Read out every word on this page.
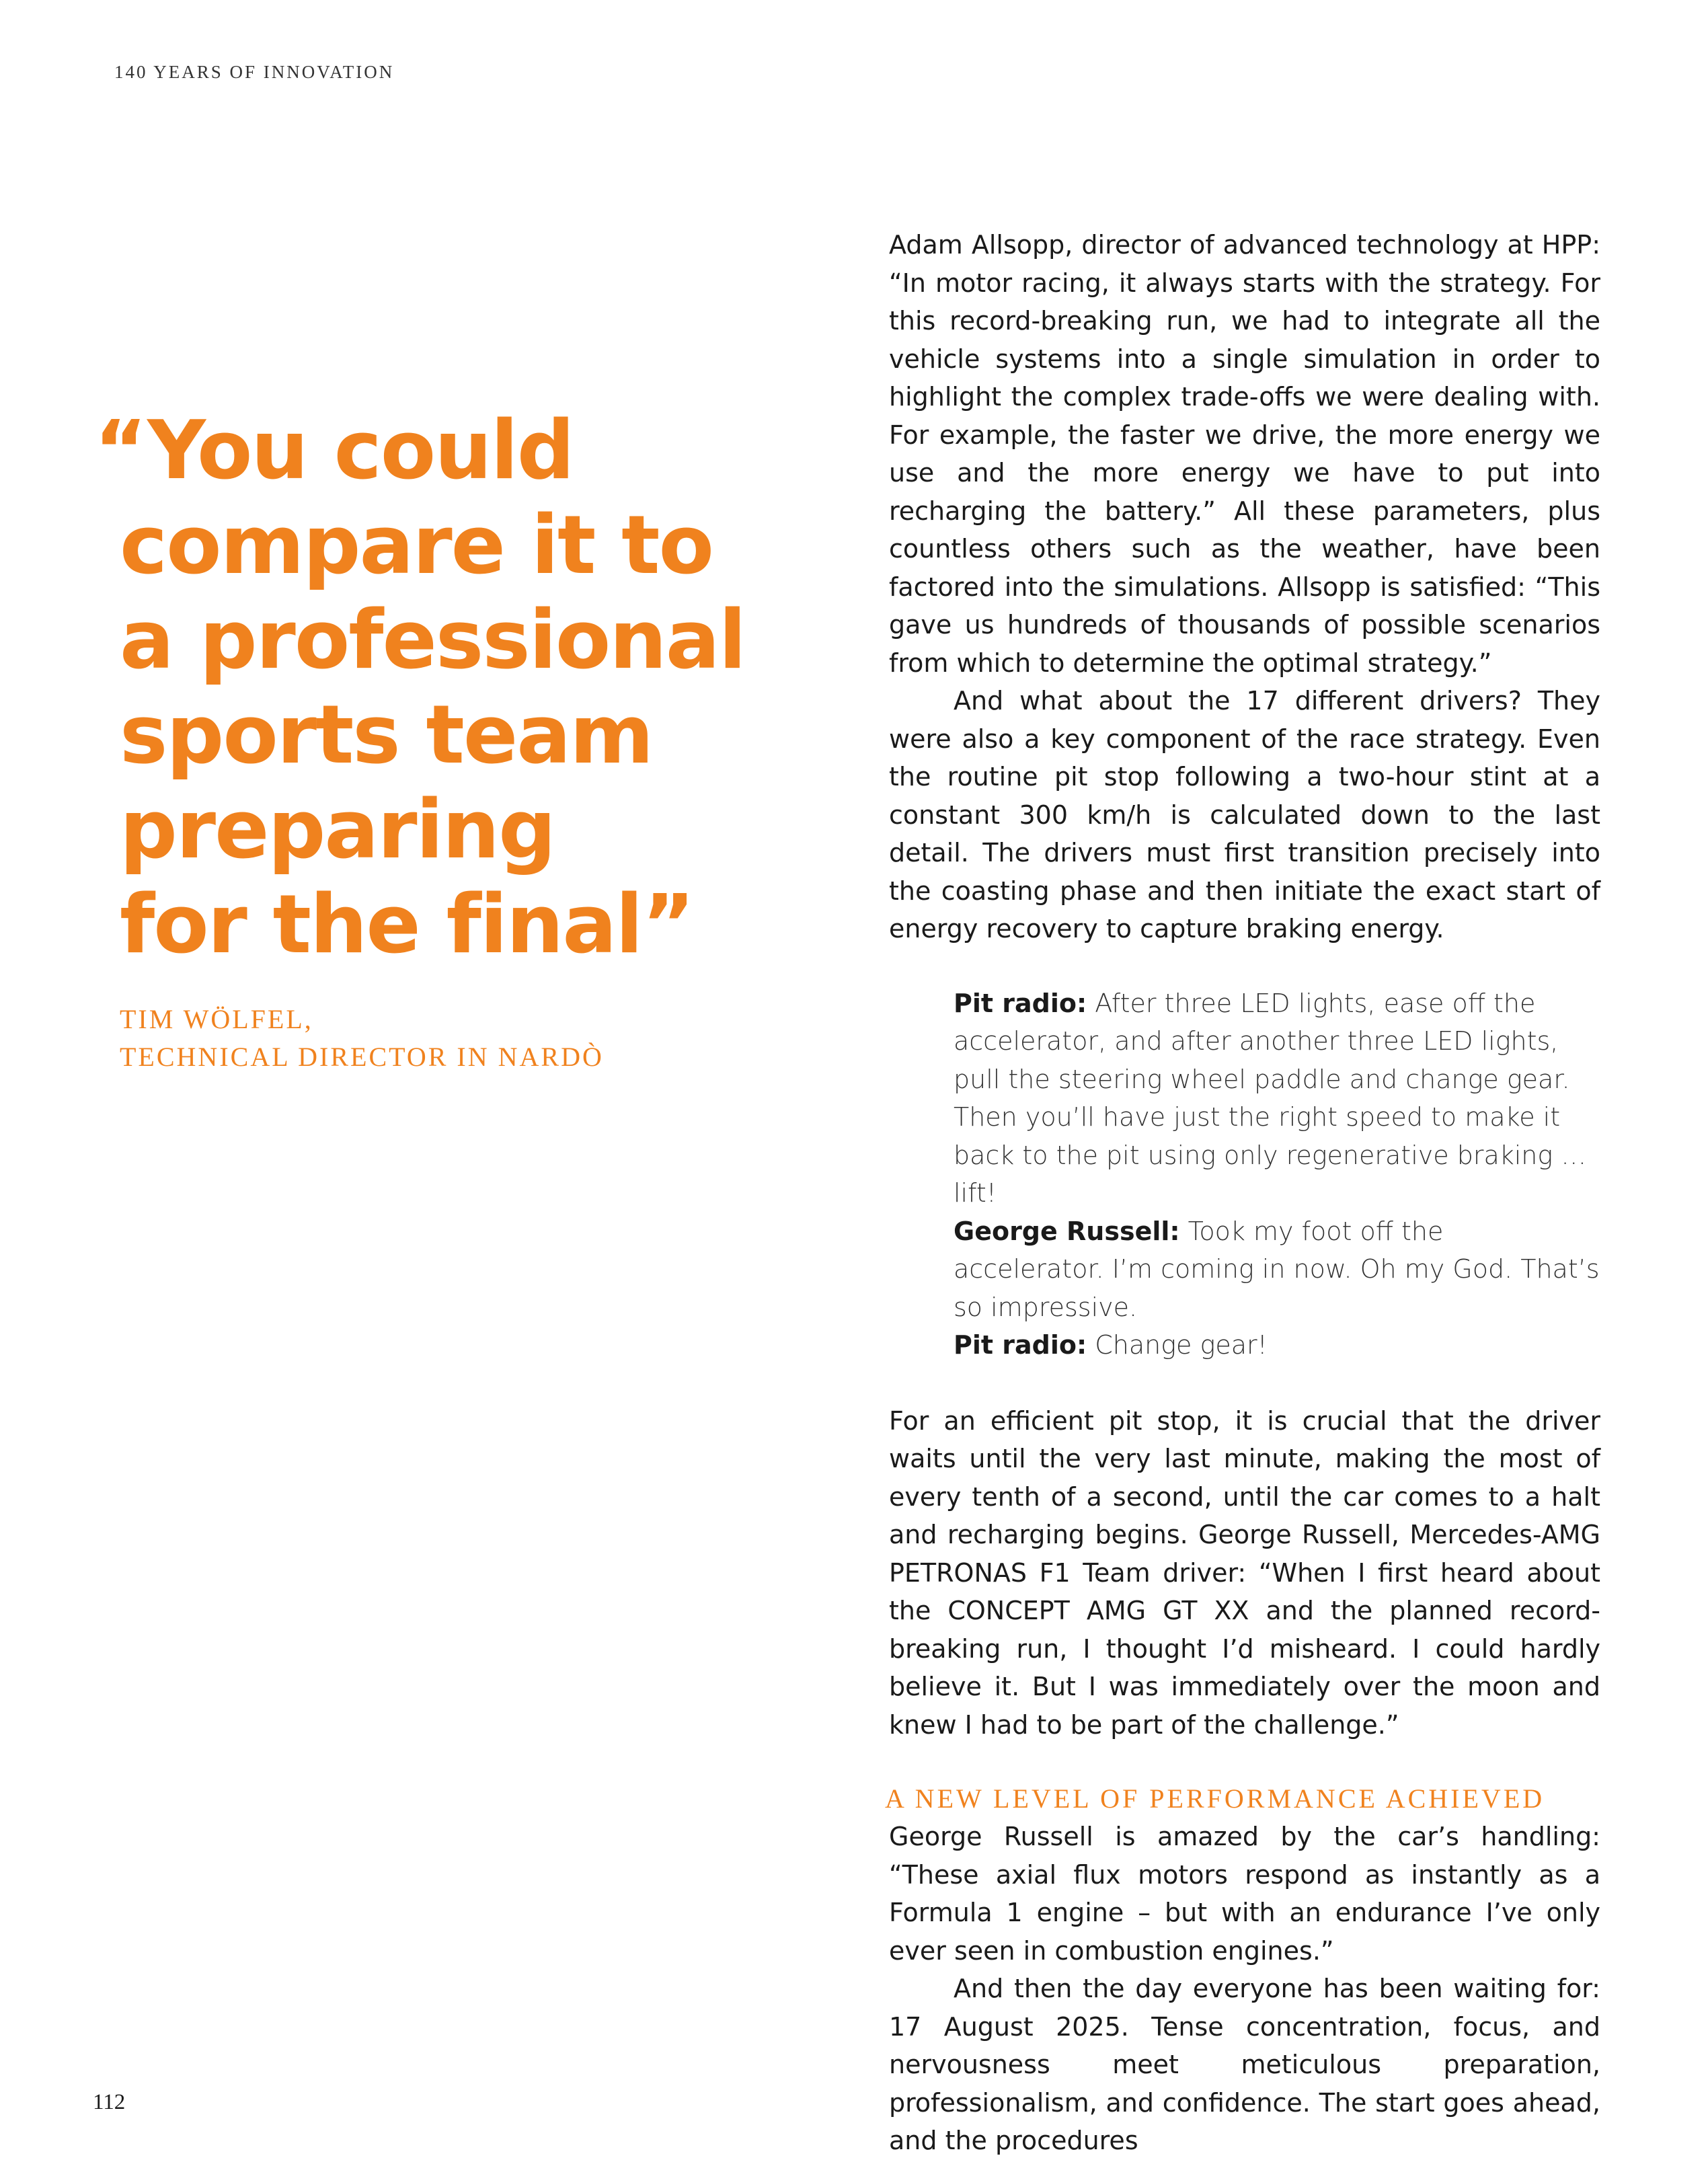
140 YEARS OF INNOVATION
“You could
compare it to
a professional
sports team
preparing
for the final”
TIM WÖLFEL,
TECHNICAL DIRECTOR IN NARDÒ

Adam Allsopp, director of advanced technology at HPP: “In motor racing, it always starts with the strategy. For this record-breaking run, we had to integrate all the vehicle systems into a single simulation in order to highlight the complex trade-offs we were dealing with. For example, the faster we drive, the more energy we use and the more energy we have to put into recharging the battery.” All these parameters, plus countless others such as the weather, have been factored into the simulations. Allsopp is satisfied: “This gave us hundreds of thousands of possible scenarios from which to determine the optimal strategy.”

And what about the 17 different drivers? They were also a key component of the race strategy. Even the routine pit stop following a two-hour stint at a constant 300 km/h is calculated down to the last detail. The drivers must first transition precisely into the coasting phase and then initiate the exact start of energy recovery to capture braking energy.

Pit radio: After three LED lights, ease off the accelerator, and after another three LED lights, pull the steering wheel paddle and change gear. Then you’ll have just the right speed to make it back to the pit using only regenerative braking … lift!
George Russell: Took my foot off the accelerator. I’m coming in now. Oh my God. That’s so impressive.
Pit radio: Change gear!

For an efficient pit stop, it is crucial that the driver waits until the very last minute, making the most of every tenth of a second, until the car comes to a halt and recharging begins. George Russell, Mercedes-AMG PETRONAS F1 Team driver: “When I first heard about the CONCEPT AMG GT XX and the planned record-breaking run, I thought I’d misheard. I could hardly believe it. But I was immediately over the moon and knew I had to be part of the challenge.”

A NEW LEVEL OF PERFORMANCE ACHIEVED

George Russell is amazed by the car’s handling: “These axial flux motors respond as instantly as a Formula 1 engine – but with an endurance I’ve only ever seen in combustion engines.”

And then the day everyone has been waiting for: 17 August 2025. Tense concentration, focus, and nervousness meet meticulous preparation, professionalism, and confidence. The start goes ahead, and the procedures

112
